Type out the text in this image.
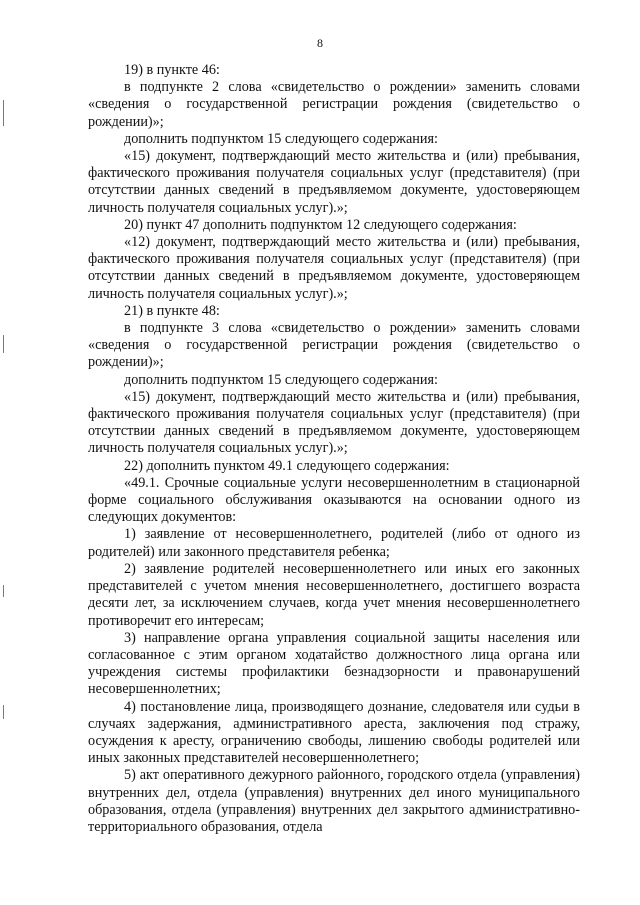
8

19) в пункте 46:

в подпункте 2 слова «свидетельство о рождении» заменить словами «сведения о государственной регистрации рождения (свидетельство о рождении)»;

дополнить подпунктом 15 следующего содержания:

«15) документ, подтверждающий место жительства и (или) пребывания, фактического проживания получателя социальных услуг (представителя) (при отсутствии данных сведений в предъявляемом документе, удостоверяющем личность получателя социальных услуг).»;

20) пункт 47 дополнить подпунктом 12 следующего содержания:

«12) документ, подтверждающий место жительства и (или) пребывания, фактического проживания получателя социальных услуг (представителя) (при отсутствии данных сведений в предъявляемом документе, удостоверяющем личность получателя социальных услуг).»;

21) в пункте 48:

в подпункте 3 слова «свидетельство о рождении» заменить словами «сведения о государственной регистрации рождения (свидетельство о рождении)»;

дополнить подпунктом 15 следующего содержания:

«15) документ, подтверждающий место жительства и (или) пребывания, фактического проживания получателя социальных услуг (представителя) (при отсутствии данных сведений в предъявляемом документе, удостоверяющем личность получателя социальных услуг).»;

22) дополнить пунктом 49.1 следующего содержания:

«49.1. Срочные социальные услуги несовершеннолетним в стационарной форме социального обслуживания оказываются на основании одного из следующих документов:

1) заявление от несовершеннолетнего, родителей (либо от одного из родителей) или законного представителя ребенка;

2) заявление родителей несовершеннолетнего или иных его законных представителей с учетом мнения несовершеннолетнего, достигшего возраста десяти лет, за исключением случаев, когда учет мнения несовершеннолетнего противоречит его интересам;

3) направление органа управления социальной защиты населения или согласованное с этим органом ходатайство должностного лица органа или учреждения системы профилактики безнадзорности и правонарушений несовершеннолетних;

4) постановление лица, производящего дознание, следователя или судьи в случаях задержания, административного ареста, заключения под стражу, осуждения к аресту, ограничению свободы, лишению свободы родителей или иных законных представителей несовершеннолетнего;

5) акт оперативного дежурного районного, городского отдела (управления) внутренних дел, отдела (управления) внутренних дел иного муниципального образования, отдела (управления) внутренних дел закрытого административно-территориального образования, отдела
